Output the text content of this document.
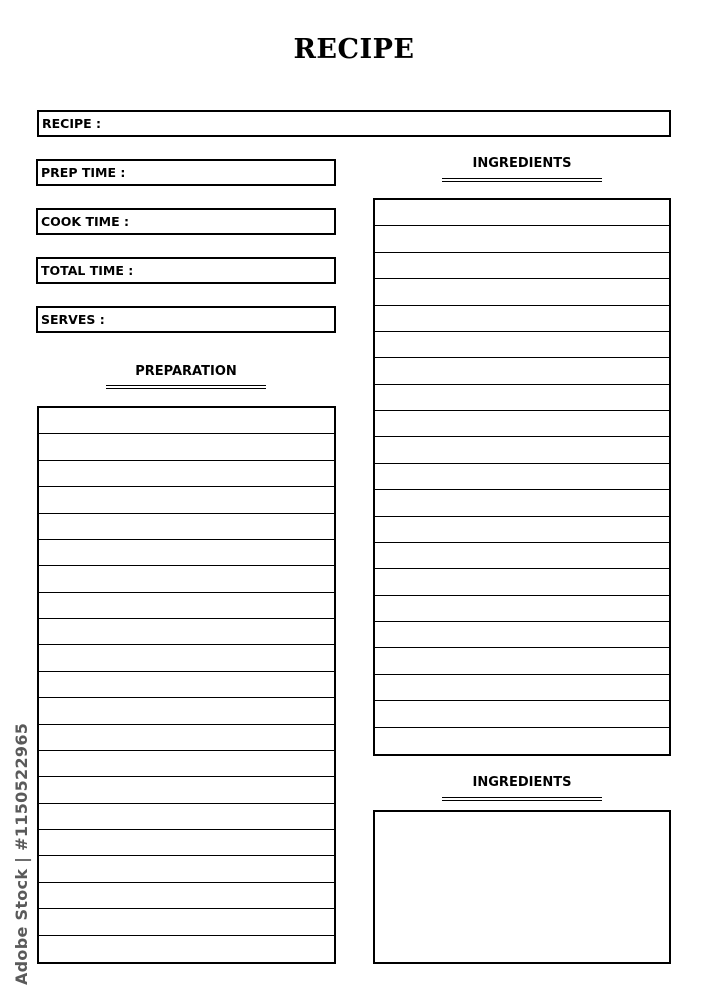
RECIPE
RECIPE :
PREP TIME :
COOK TIME :
TOTAL TIME :
SERVES :
PREPARATION
INGREDIENTS
INGREDIENTS
Adobe Stock | #1150522965
